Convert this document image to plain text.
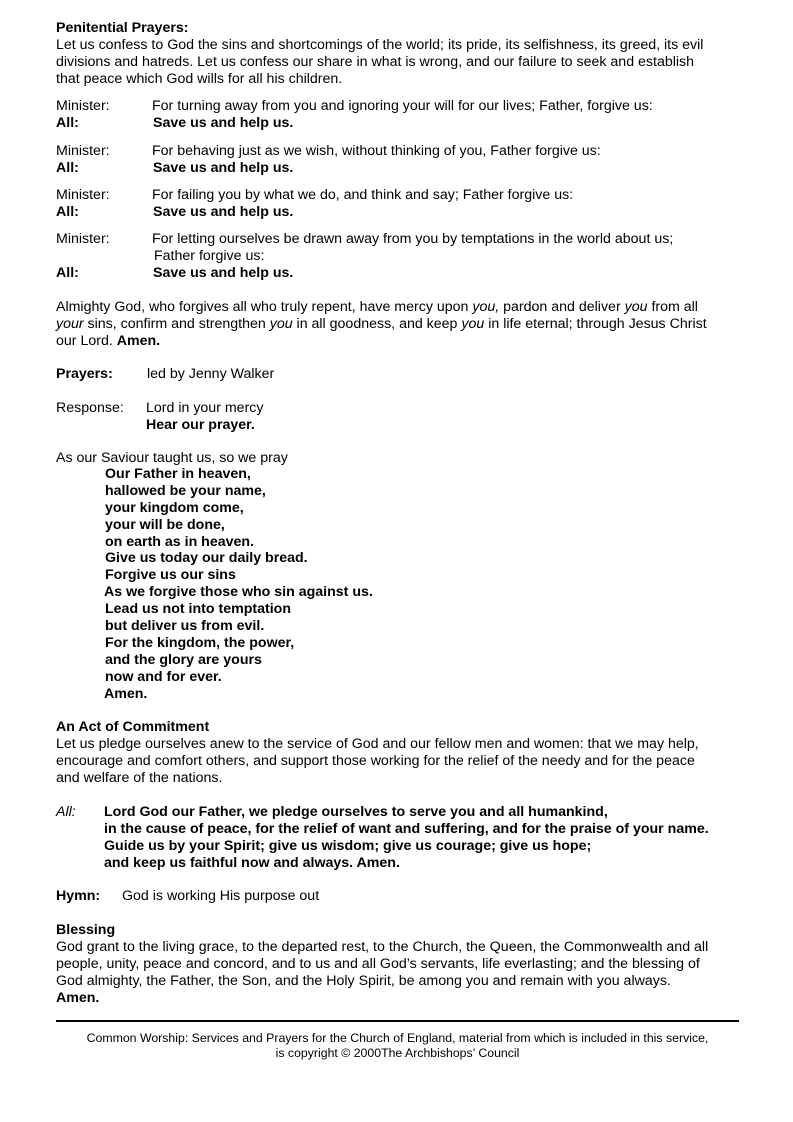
Penitential Prayers:
Let us confess to God the sins and shortcomings of the world; its pride, its selfishness, its greed, its evil
divisions and hatreds. Let us confess our share in what is wrong, and our failure to seek and establish
that peace which God wills for all his children.
Minister:	For turning away from you and ignoring your will for our lives; Father, forgive us:
All:	Save us and help us.
Minister:	For behaving just as we wish, without thinking of you, Father forgive us:
All:	Save us and help us.
Minister:	For failing you by what we do, and think and say; Father forgive us:
All:	Save us and help us.
Minister:	For letting ourselves be drawn away from you by temptations in the world about us;
Father forgive us:
All:	Save us and help us.
Almighty God, who forgives all who truly repent, have mercy upon you, pardon and deliver you from all
your sins, confirm and strengthen you in all goodness, and keep you in life eternal; through Jesus Christ
our Lord. Amen.
Prayers: led by Jenny Walker
Response: Lord in your mercy
Hear our prayer.
As our Saviour taught us, so we pray
Our Father in heaven,
hallowed be your name,
your kingdom come,
your will be done,
on earth as in heaven.
Give us today our daily bread.
Forgive us our sins
As we forgive those who sin against us.
Lead us not into temptation
but deliver us from evil.
For the kingdom, the power,
and the glory are yours
now and for ever.
Amen.
An Act of Commitment
Let us pledge ourselves anew to the service of God and our fellow men and women: that we may help,
encourage and comfort others, and support those working for the relief of the needy and for the peace
and welfare of the nations.
All:	Lord God our Father, we pledge ourselves to serve you and all humankind,
in the cause of peace, for the relief of want and suffering, and for the praise of your name.
Guide us by your Spirit; give us wisdom; give us courage; give us hope;
and keep us faithful now and always. Amen.
Hymn: God is working His purpose out
Blessing
God grant to the living grace, to the departed rest, to the Church, the Queen, the Commonwealth and all
people, unity, peace and concord, and to us and all God’s servants, life everlasting; and the blessing of
God almighty, the Father, the Son, and the Holy Spirit, be among you and remain with you always.
Amen.
Common Worship: Services and Prayers for the Church of England, material from which is included in this service,
is copyright © 2000The Archbishops’ Council
